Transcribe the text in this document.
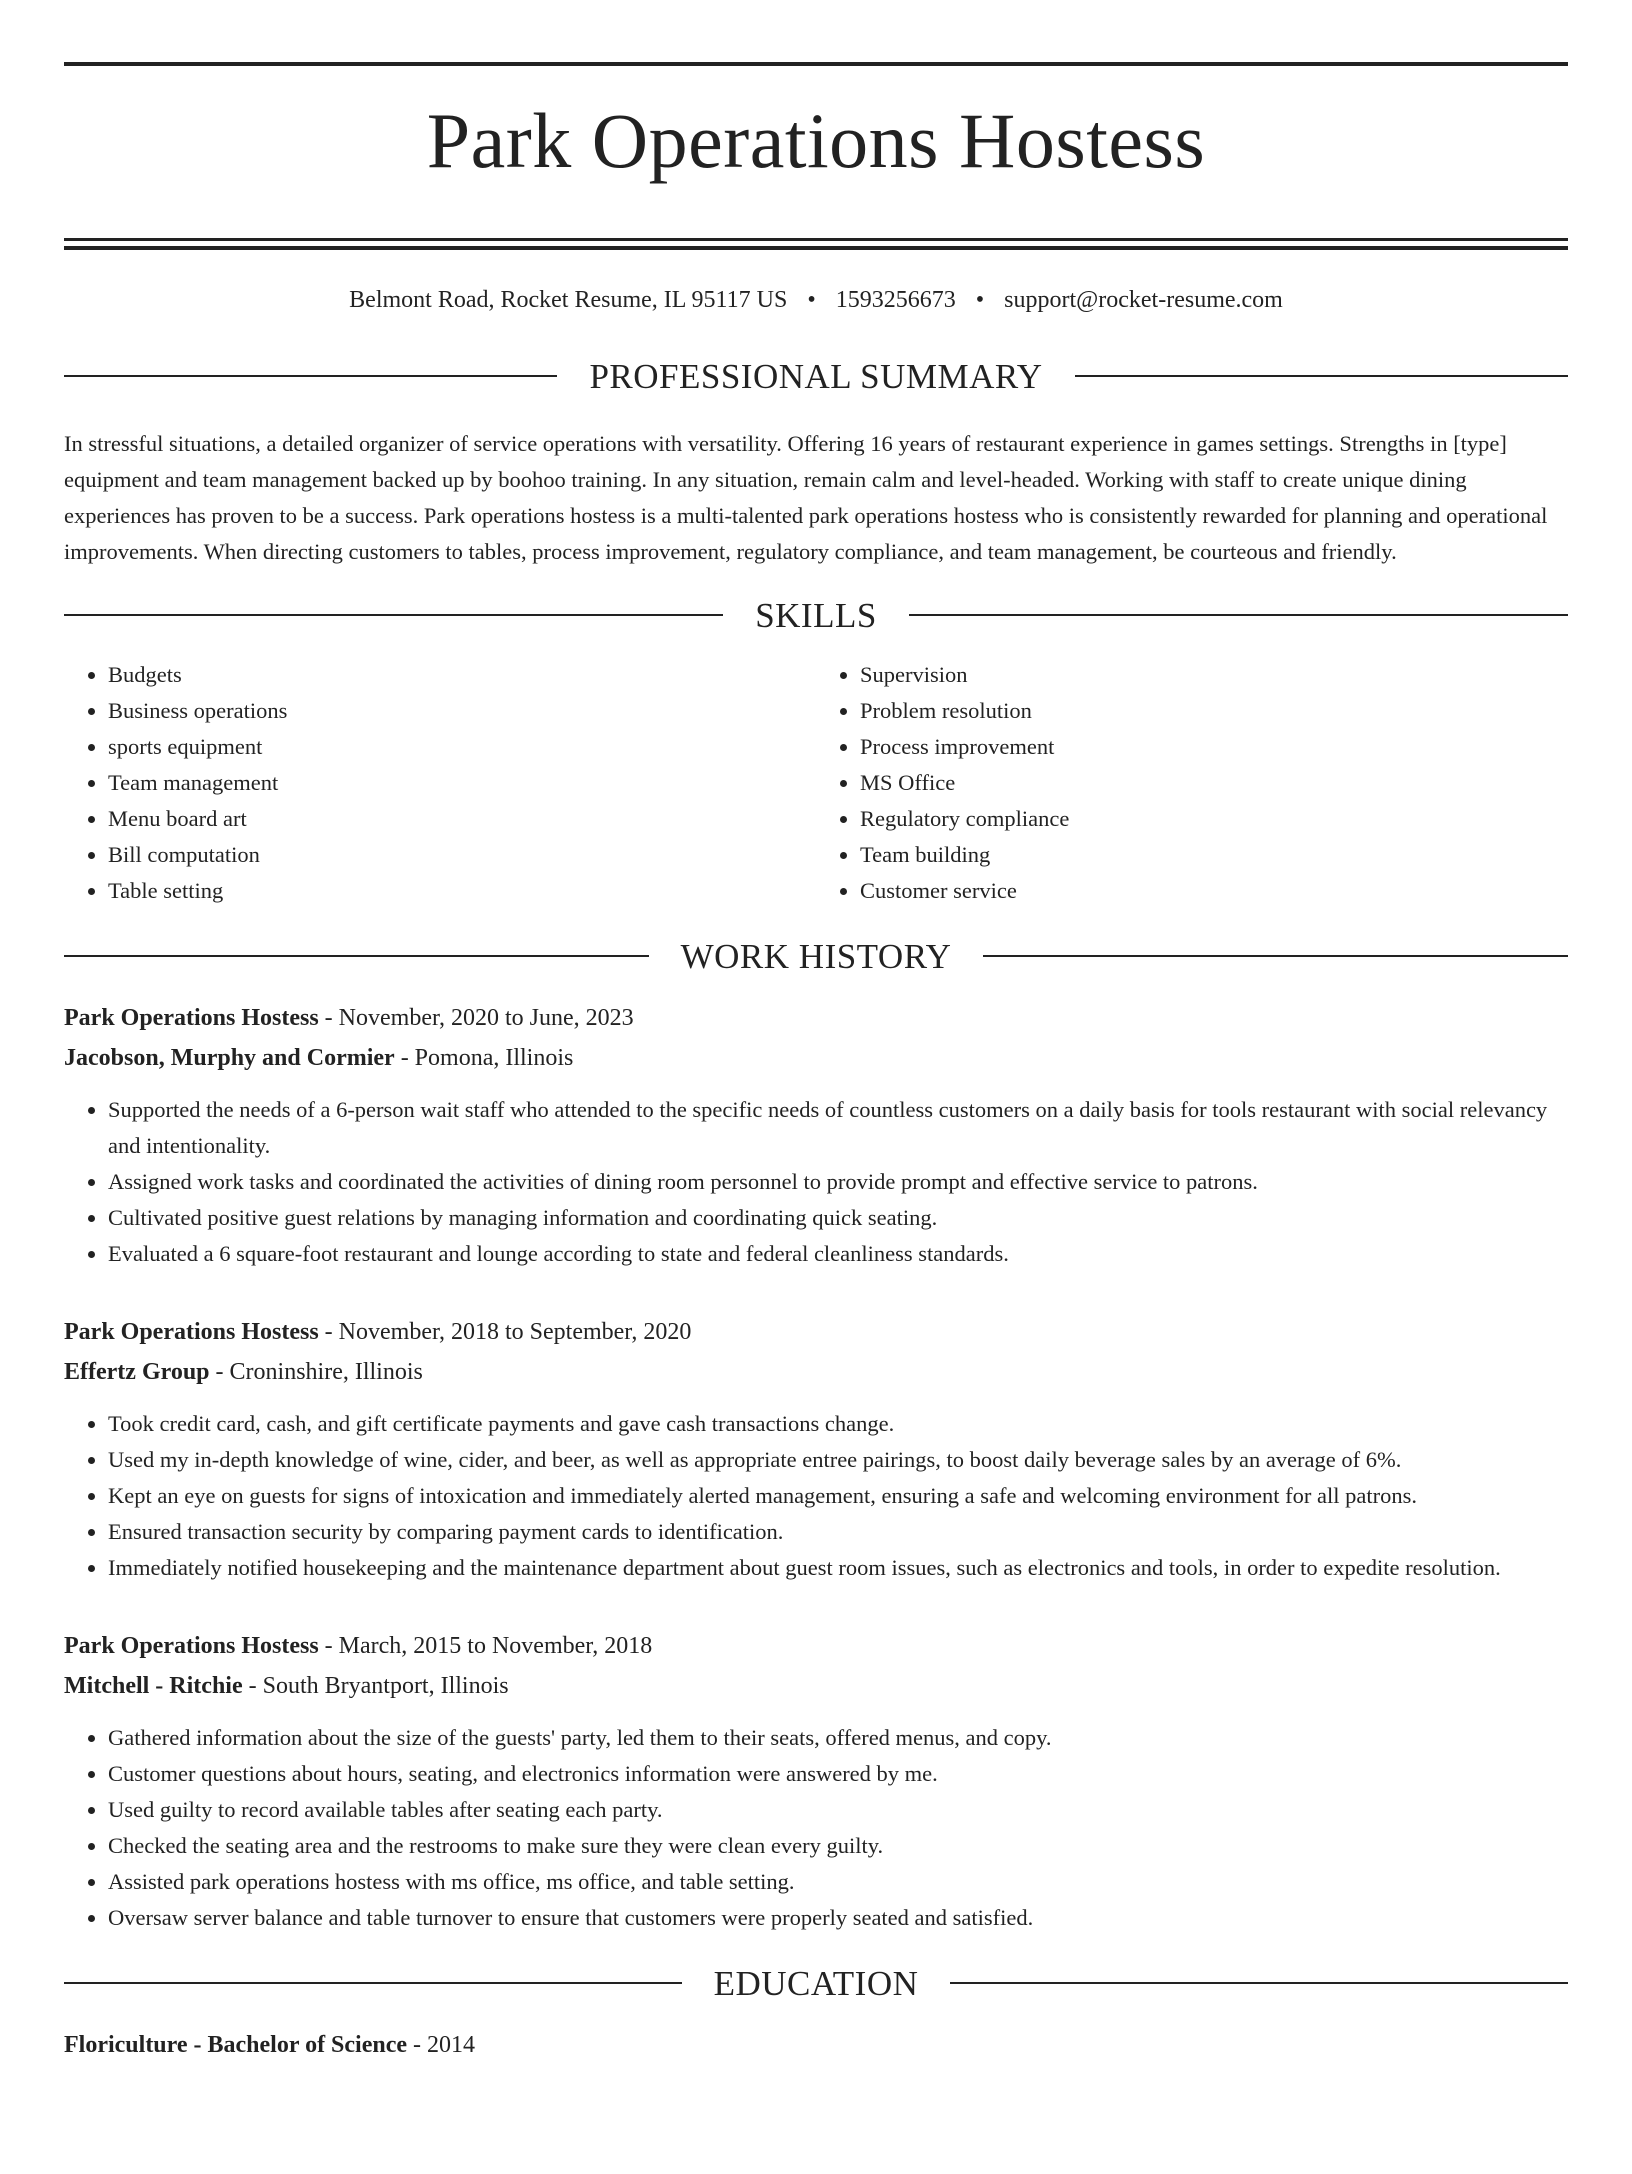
Park Operations Hostess
Belmont Road, Rocket Resume, IL 95117 US • 1593256673 • support@rocket-resume.com
PROFESSIONAL SUMMARY

In stressful situations, a detailed organizer of service operations with versatility. Offering 16 years of restaurant experience in games settings. Strengths in [type] equipment and team management backed up by boohoo training. In any situation, remain calm and level-headed. Working with staff to create unique dining experiences has proven to be a success. Park operations hostess is a multi-talented park operations hostess who is consistently rewarded for planning and operational improvements. When directing customers to tables, process improvement, regulatory compliance, and team management, be courteous and friendly.

SKILLS
• Budgets
• Business operations
• sports equipment
• Team management
• Menu board art
• Bill computation
• Table setting
• Supervision
• Problem resolution
• Process improvement
• MS Office
• Regulatory compliance
• Team building
• Customer service
WORK HISTORY
Park Operations Hostess - November, 2020 to June, 2023
Jacobson, Murphy and Cormier - Pomona, Illinois
• Supported the needs of a 6-person wait staff who attended to the specific needs of countless customers on a daily basis for tools restaurant with social relevancy and intentionality.
• Assigned work tasks and coordinated the activities of dining room personnel to provide prompt and effective service to patrons.
• Cultivated positive guest relations by managing information and coordinating quick seating.
• Evaluated a 6 square-foot restaurant and lounge according to state and federal cleanliness standards.
Park Operations Hostess - November, 2018 to September, 2020
Effertz Group - Croninshire, Illinois
• Took credit card, cash, and gift certificate payments and gave cash transactions change.
• Used my in-depth knowledge of wine, cider, and beer, as well as appropriate entree pairings, to boost daily beverage sales by an average of 6%.
• Kept an eye on guests for signs of intoxication and immediately alerted management, ensuring a safe and welcoming environment for all patrons.
• Ensured transaction security by comparing payment cards to identification.
• Immediately notified housekeeping and the maintenance department about guest room issues, such as electronics and tools, in order to expedite resolution.
Park Operations Hostess - March, 2015 to November, 2018
Mitchell - Ritchie - South Bryantport, Illinois
• Gathered information about the size of the guests' party, led them to their seats, offered menus, and copy.
• Customer questions about hours, seating, and electronics information were answered by me.
• Used guilty to record available tables after seating each party.
• Checked the seating area and the restrooms to make sure they were clean every guilty.
• Assisted park operations hostess with ms office, ms office, and table setting.
• Oversaw server balance and table turnover to ensure that customers were properly seated and satisfied.
EDUCATION
Floriculture - Bachelor of Science - 2014
